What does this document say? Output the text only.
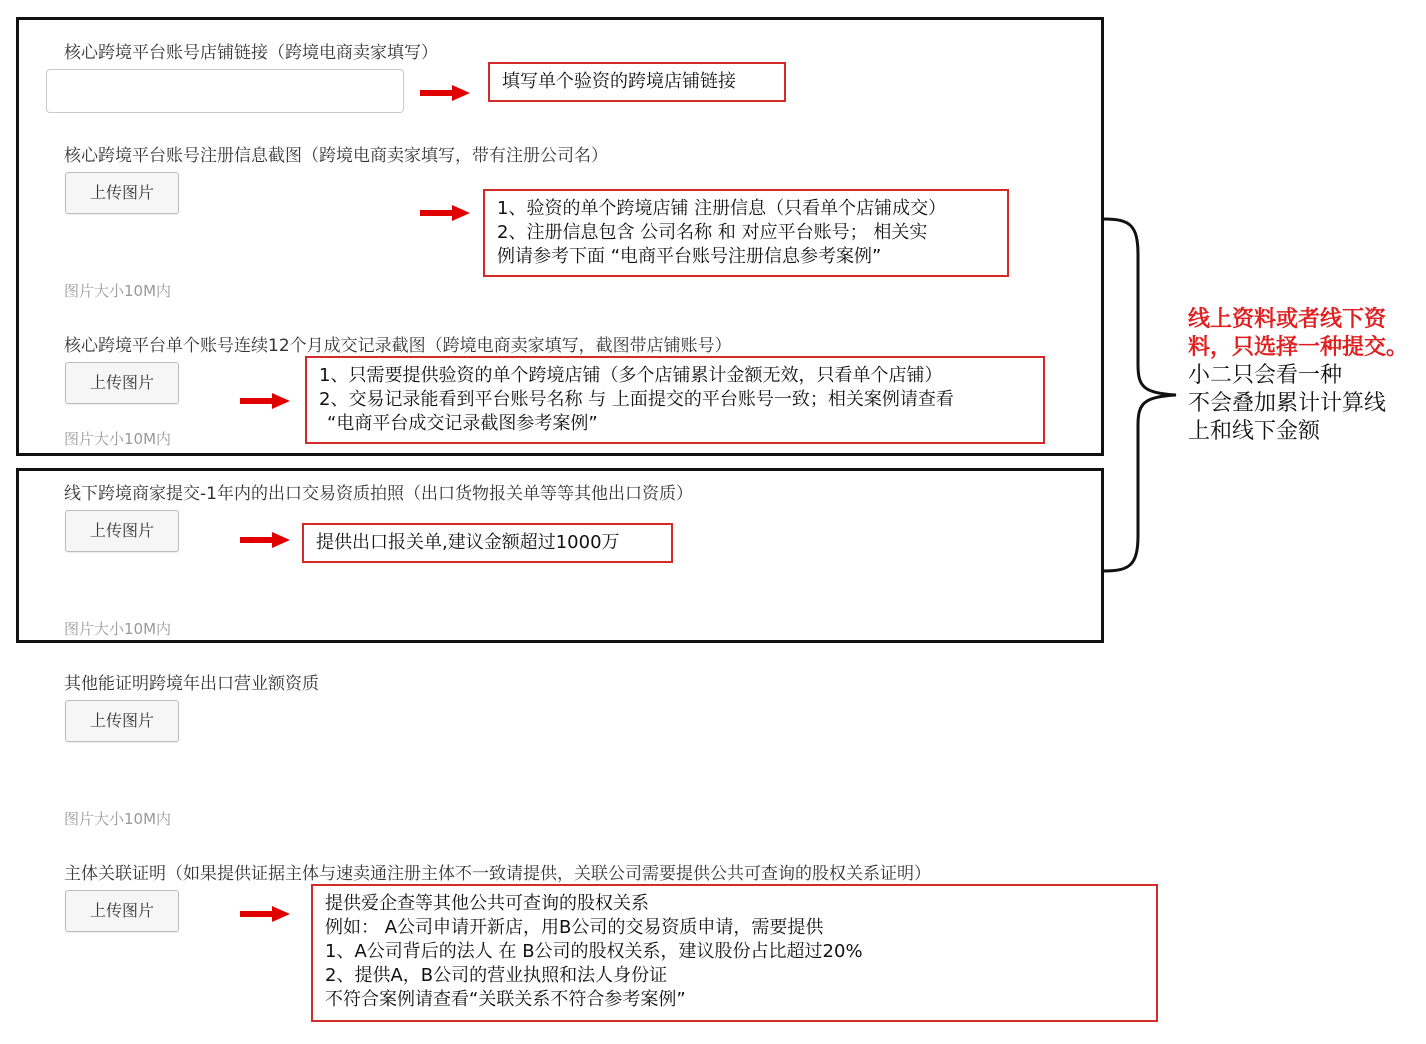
核心跨境平台账号店铺链接（跨境电商卖家填写）
填写单个验资的跨境店铺链接
核心跨境平台账号注册信息截图（跨境电商卖家填写，带有注册公司名）
上传图片
1、验资的单个跨境店铺 注册信息（只看单个店铺成交）
2、注册信息包含 公司名称 和 对应平台账号； 相关实
例请参考下面 “电商平台账号注册信息参考案例”
图片大小10M内
核心跨境平台单个账号连续12个月成交记录截图（跨境电商卖家填写，截图带店铺账号）
上传图片	1、只需要提供验资的单个跨境店铺（多个店铺累计金额无效，只看单个店铺）
2、交易记录能看到平台账号名称 与 上面提交的平台账号一致；相关案例请查看
“电商平台成交记录截图参考案例”
图片大小10M内
线下跨境商家提交-1年内的出口交易资质拍照（出口货物报关单等等其他出口资质）
上传图片
提供出口报关单,建议金额超过1000万
图片大小10M内
其他能证明跨境年出口营业额资质
上传图片
图片大小10M内
主体关联证明（如果提供证据主体与速卖通注册主体不一致请提供，关联公司需要提供公共可查询的股权关系证明）
上传图片	提供爱企查等其他公共可查询的股权关系
例如： A公司申请开新店，用B公司的交易资质申请，需要提供
1、A公司背后的法人 在 B公司的股权关系，建议股份占比超过20%
2、提供A，B公司的营业执照和法人身份证
不符合案例请查看“关联关系不符合参考案例”
线上资料或者线下资
料，只选择一种提交。
小二只会看一种
不会叠加累计计算线
上和线下金额
